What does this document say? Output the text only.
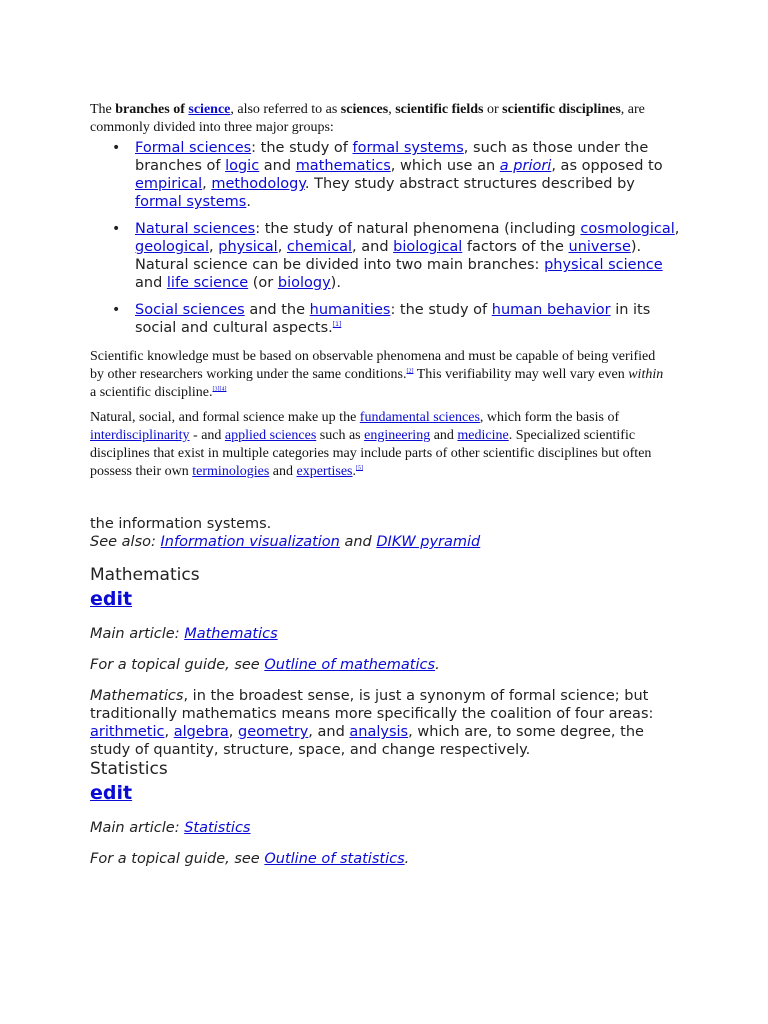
The branches of science, also referred to as sciences, scientific fields or scientific disciplines, are commonly divided into three major groups:
• Formal sciences: the study of formal systems, such as those under the branches of logic and mathematics, which use an a priori, as opposed to empirical, methodology. They study abstract structures described by formal systems.
• Natural sciences: the study of natural phenomena (including cosmological, geological, physical, chemical, and biological factors of the universe). Natural science can be divided into two main branches: physical science and life science (or biology).
• Social sciences and the humanities: the study of human behavior in its social and cultural aspects.[1]
Scientific knowledge must be based on observable phenomena and must be capable of being verified by other researchers working under the same conditions.[2] This verifiability may well vary even within a scientific discipline.[3][4]
Natural, social, and formal science make up the fundamental sciences, which form the basis of interdisciplinarity - and applied sciences such as engineering and medicine. Specialized scientific disciplines that exist in multiple categories may include parts of other scientific disciplines but often possess their own terminologies and expertises.[5]
the information systems.
See also: Information visualization and DIKW pyramid
Mathematics
edit
Main article: Mathematics
For a topical guide, see Outline of mathematics.
Mathematics, in the broadest sense, is just a synonym of formal science; but traditionally mathematics means more specifically the coalition of four areas: arithmetic, algebra, geometry, and analysis, which are, to some degree, the study of quantity, structure, space, and change respectively.
Statistics
edit
Main article: Statistics
For a topical guide, see Outline of statistics.
